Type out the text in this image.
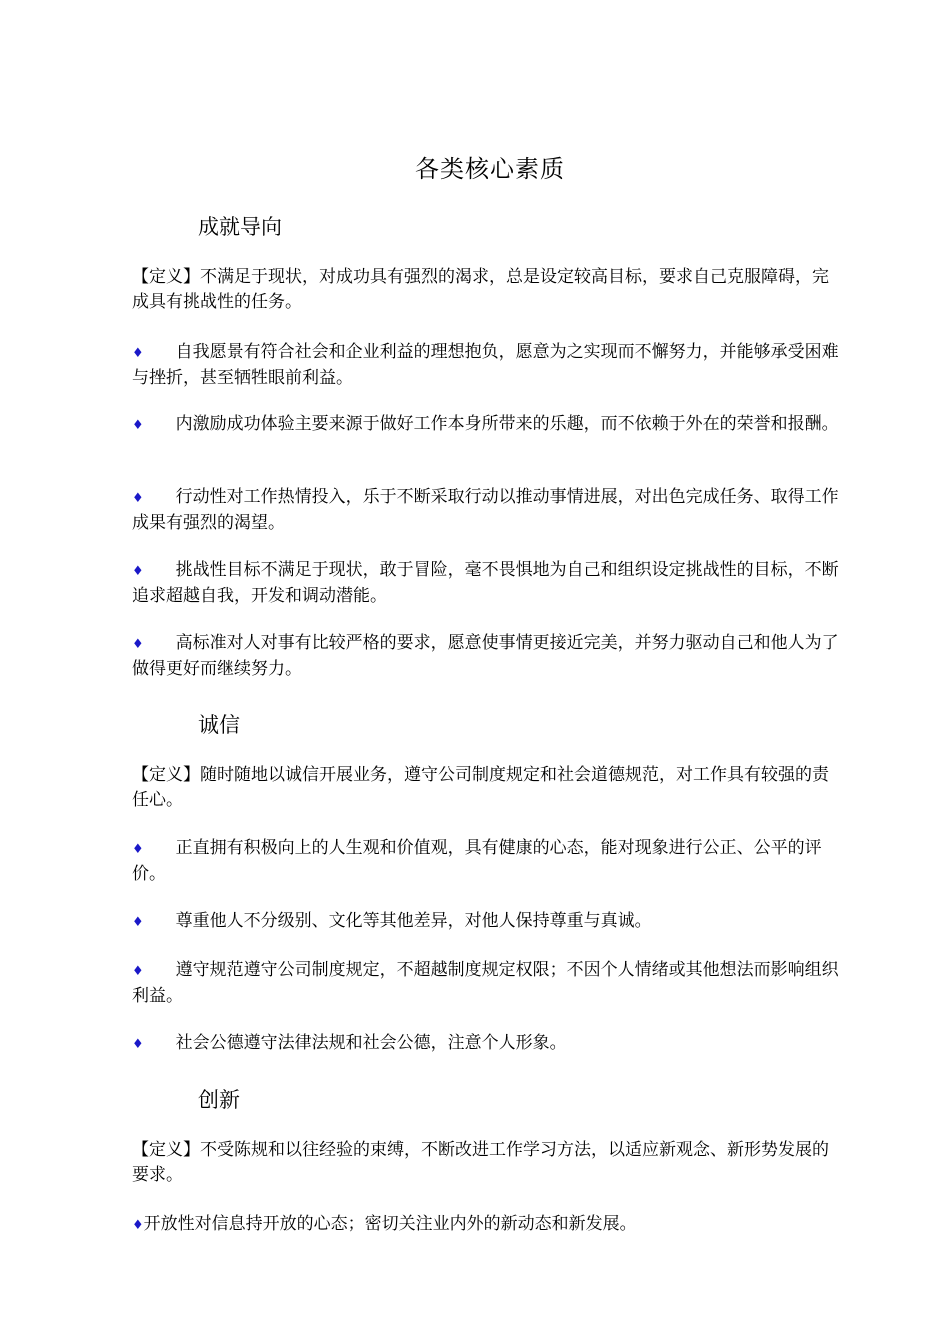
各类核心素质
成就导向

【定义】不满足于现状，对成功具有强烈的渴求，总是设定较高目标，要求自己克服障碍，完成具有挑战性的任务。

♦ 自我愿景有符合社会和企业利益的理想抱负，愿意为之实现而不懈努力，并能够承受困难与挫折，甚至牺牲眼前利益。

♦ 内激励成功体验主要来源于做好工作本身所带来的乐趣，而不依赖于外在的荣誉和报酬。

♦ 行动性对工作热情投入，乐于不断采取行动以推动事情进展，对出色完成任务、取得工作成果有强烈的渴望。

♦ 挑战性目标不满足于现状，敢于冒险，毫不畏惧地为自己和组织设定挑战性的目标，不断追求超越自我，开发和调动潜能。

♦ 高标准对人对事有比较严格的要求，愿意使事情更接近完美，并努力驱动自己和他人为了做得更好而继续努力。

诚信

【定义】随时随地以诚信开展业务，遵守公司制度规定和社会道德规范，对工作具有较强的责任心。

♦ 正直拥有积极向上的人生观和价值观，具有健康的心态，能对现象进行公正、公平的评价。

♦ 尊重他人不分级别、文化等其他差异，对他人保持尊重与真诚。

♦ 遵守规范遵守公司制度规定，不超越制度规定权限；不因个人情绪或其他想法而影响组织利益。

♦ 社会公德遵守法律法规和社会公德，注意个人形象。

创新

【定义】不受陈规和以往经验的束缚，不断改进工作学习方法，以适应新观念、新形势发展的要求。

♦开放性对信息持开放的心态；密切关注业内外的新动态和新发展。
